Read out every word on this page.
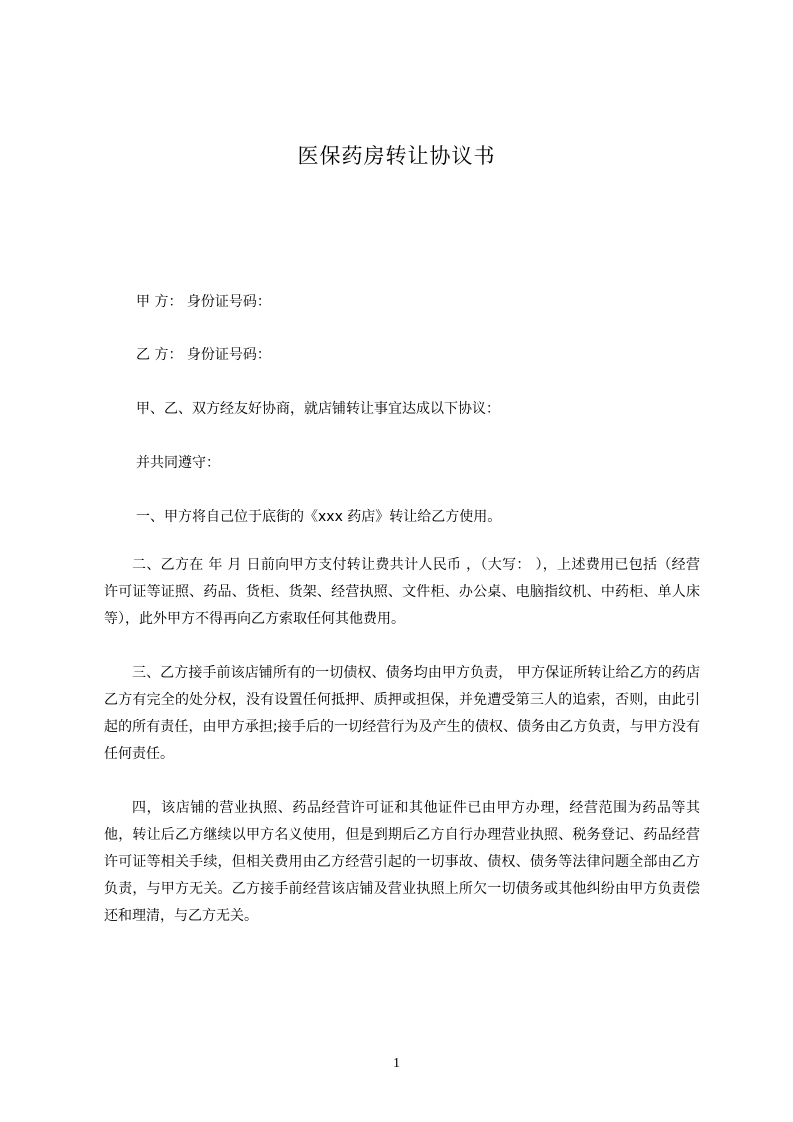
医保药房转让协议书
甲 方： 身份证号码：
乙 方： 身份证号码：
甲、乙、双方经友好协商，就店铺转让事宜达成以下协议：
并共同遵守：
一、甲方将自己位于底街的《xxx 药店》转让给乙方使用。
二、乙方在 年 月 日前向甲方支付转让费共计人民币 ，（大写： ），上述费用已包括（经营许可证等证照、药品、货柜、货架、经营执照、文件柜、办公桌、电脑指纹机、中药柜、单人床等），此外甲方不得再向乙方索取任何其他费用。
三、乙方接手前该店铺所有的一切债权、债务均由甲方负责， 甲方保证所转让给乙方的药店乙方有完全的处分权，没有设置任何抵押、质押或担保，并免遭受第三人的追索，否则，由此引起的所有责任，由甲方承担;接手后的一切经营行为及产生的债权、债务由乙方负责，与甲方没有任何责任。
四，该店铺的营业执照、药品经营许可证和其他证件已由甲方办理，经营范围为药品等其他，转让后乙方继续以甲方名义使用，但是到期后乙方自行办理营业执照、税务登记、药品经营许可证等相关手续，但相关费用由乙方经营引起的一切事故、债权、债务等法律问题全部由乙方负责，与甲方无关。乙方接手前经营该店铺及营业执照上所欠一切债务或其他纠纷由甲方负责偿还和理清，与乙方无关。
1
